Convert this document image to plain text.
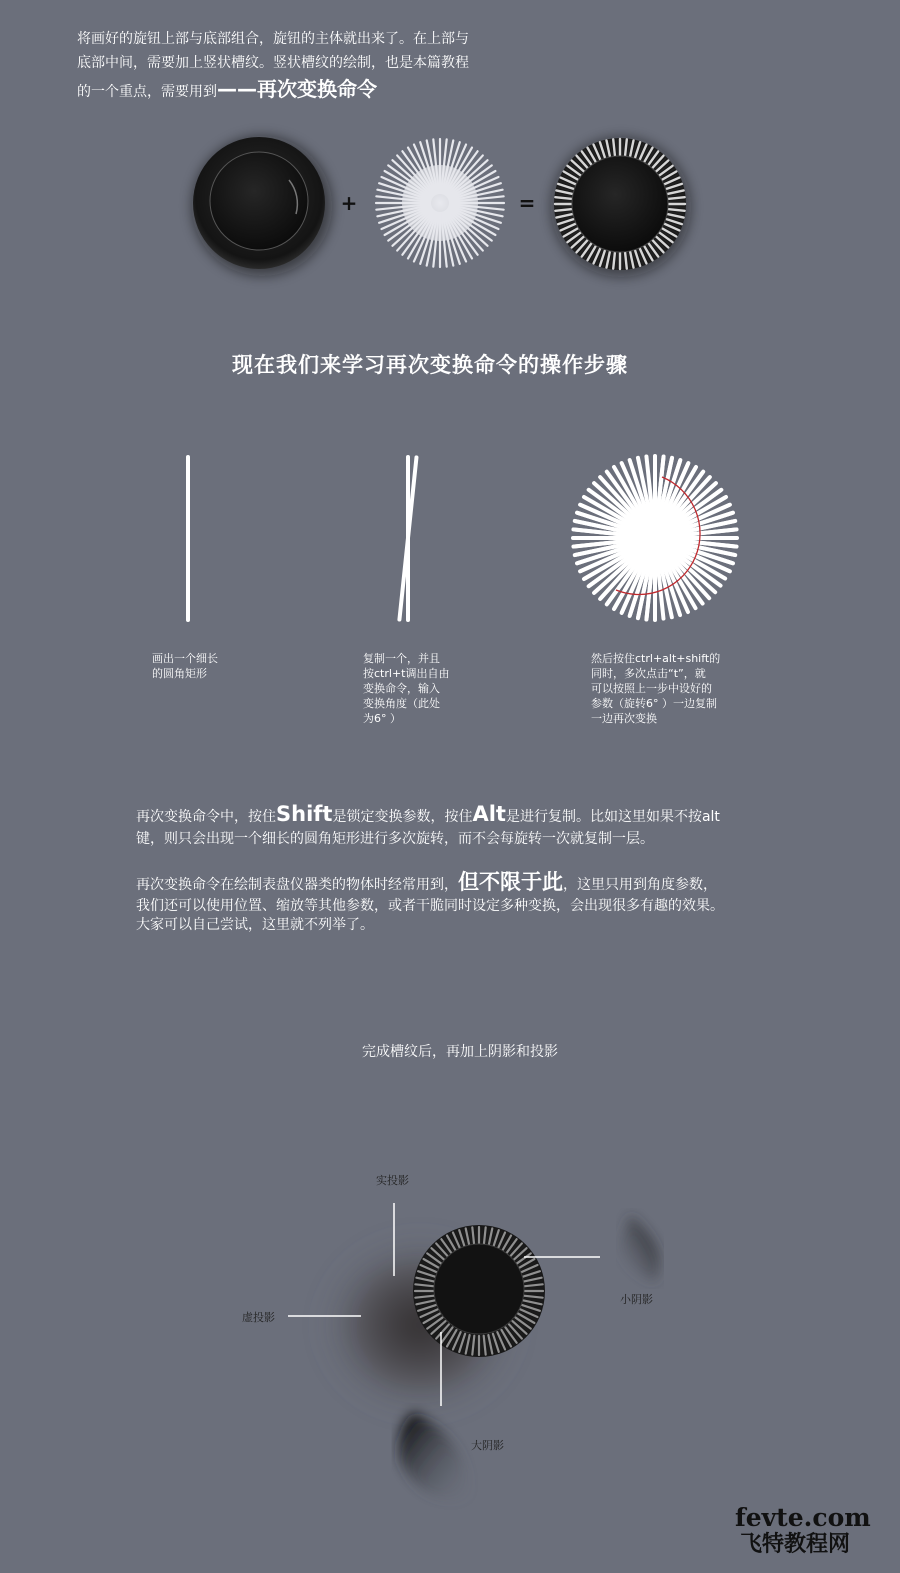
将画好的旋钮上部与底部组合，旋钮的主体就出来了。在上部与

底部中间，需要加上竖状槽纹。竖状槽纹的绘制，也是本篇教程

的一个重点，需要用到——再次变换命令

+	=
现在我们来学习再次变换命令的操作步骤
画出一个细长
的圆角矩形
复制一个，并且
按ctrl+t调出自由
变换命令，输入
变换角度（此处
为6° ）
然后按住ctrl+alt+shift的
同时，多次点击“t”，就
可以按照上一步中设好的
参数（旋转6° ）一边复制
一边再次变换

再次变换命令中，按住Shift是锁定变换参数，按住Alt是进行复制。比如这里如果不按alt

键，则只会出现一个细长的圆角矩形进行多次旋转，而不会每旋转一次就复制一层。

再次变换命令在绘制表盘仪器类的物体时经常用到，但不限于此，这里只用到角度参数，

我们还可以使用位置、缩放等其他参数，或者干脆同时设定多种变换，会出现很多有趣的效果。

大家可以自己尝试，这里就不列举了。

完成槽纹后，再加上阴影和投影
实投影
虚投影
小阴影
大阴影
fevte.com
飞特教程网
